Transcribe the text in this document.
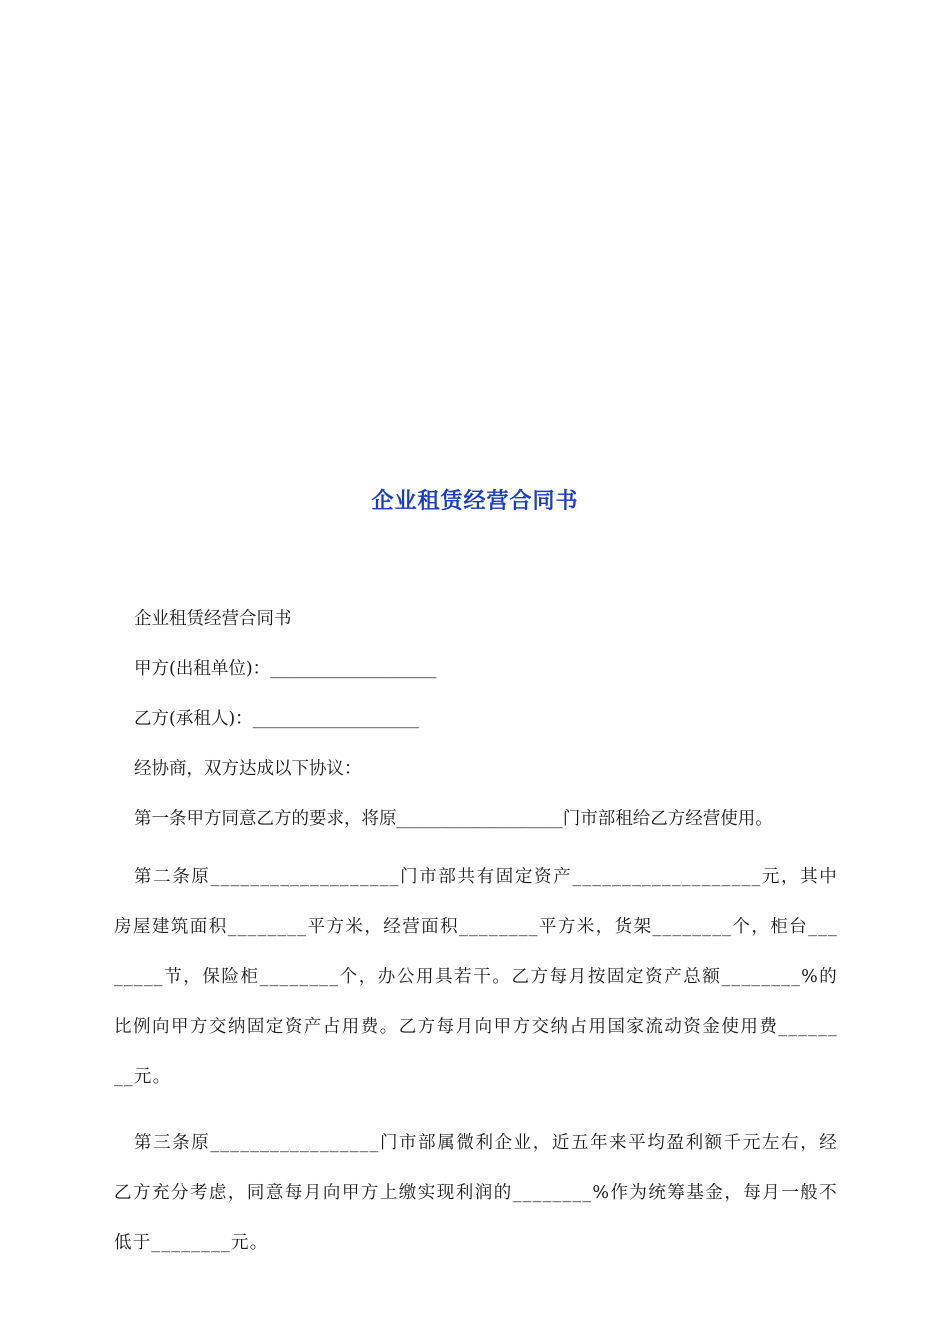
企业租赁经营合同书

企业租赁经营合同书

甲方(出租单位)：___________________

乙方(承租人)：___________________

经协商，双方达成以下协议：

第一条甲方同意乙方的要求，将原___________________门市部租给乙方经营使用。

第二条原___________________门市部共有固定资产___________________元，其中房屋建筑面积________平方米，经营面积________平方米，货架________个，柜台________节，保险柜________个，办公用具若干。乙方每月按固定资产总额________%的比例向甲方交纳固定资产占用费。乙方每月向甲方交纳占用国家流动资金使用费________元。

第三条原_________________门市部属微利企业，近五年来平均盈利额千元左右，经乙方充分考虑，同意每月向甲方上缴实现利润的________%作为统筹基金，每月一般不低于________元。
